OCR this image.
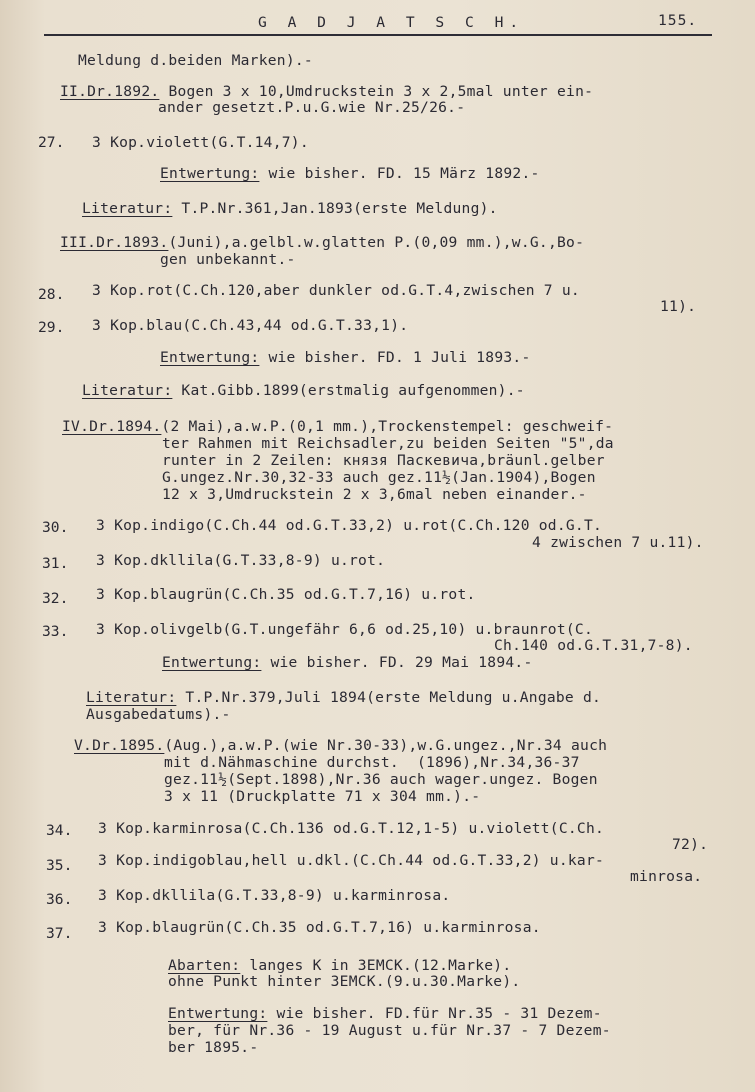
G A D J A T S C H.	155.
Meldung d.beiden Marken).-
II.Dr.1892. Bogen 3 x 10,Umdruckstein 3 x 2,5mal unter ein-
ander gesetzt.P.u.G.wie Nr.25/26.-
27. 3 Kop.violett(G.T.14,7).
Entwertung: wie bisher. FD. 15 März 1892.-
Literatur: T.P.Nr.361,Jan.1893(erste Meldung).
III.Dr.1893.(Juni),a.gelbl.w.glatten P.(0,09 mm.),w.G.,Bo-
gen unbekannt.-
28. 3 Kop.rot(C.Ch.120,aber dunkler od.G.T.4,zwischen 7 u.
11).
29. 3 Kop.blau(C.Ch.43,44 od.G.T.33,1).
Entwertung: wie bisher. FD. 1 Juli 1893.-
Literatur: Kat.Gibb.1899(erstmalig aufgenommen).-
IV.Dr.1894.(2 Mai),a.w.P.(0,1 mm.),Trockenstempel: geschweif-
ter Rahmen mit Reichsadler,zu beiden Seiten "5",da
runter in 2 Zeilen: князя Паскевича,bräunl.gelber
G.ungez.Nr.30,32-33 auch gez.11½(Jan.1904),Bogen
12 x 3,Umdruckstein 2 x 3,6mal neben einander.-
30. 3 Kop.indigo(C.Ch.44 od.G.T.33,2) u.rot(C.Ch.120 od.G.T.
4 zwischen 7 u.11).
31. 3 Kop.dkllila(G.T.33,8-9) u.rot.
32. 3 Kop.blaugrün(C.Ch.35 od.G.T.7,16) u.rot.
33. 3 Kop.olivgelb(G.T.ungefähr 6,6 od.25,10) u.braunrot(C.
Ch.140 od.G.T.31,7-8).
Entwertung: wie bisher. FD. 29 Mai 1894.-
Literatur: T.P.Nr.379,Juli 1894(erste Meldung u.Angabe d.
Ausgabedatums).-
V.Dr.1895.(Aug.),a.w.P.(wie Nr.30-33),w.G.ungez.,Nr.34 auch
mit d.Nähmaschine durchst.  (1896),Nr.34,36-37
gez.11½(Sept.1898),Nr.36 auch wager.ungez. Bogen
3 x 11 (Druckplatte 71 x 304 mm.).-
34. 3 Kop.karminrosa(C.Ch.136 od.G.T.12,1-5) u.violett(C.Ch.
72).
35. 3 Kop.indigoblau,hell u.dkl.(C.Ch.44 od.G.T.33,2) u.kar-
minrosa.
36. 3 Kop.dkllila(G.T.33,8-9) u.karminrosa.
37. 3 Kop.blaugrün(C.Ch.35 od.G.T.7,16) u.karminrosa.
Abarten: langes K in ЗЕМСК.(12.Marke).
ohne Punkt hinter ЗЕМСК.(9.u.30.Marke).
Entwertung: wie bisher. FD.für Nr.35 - 31 Dezem-
ber, für Nr.36 - 19 August u.für Nr.37 - 7 Dezem-
ber 1895.-
